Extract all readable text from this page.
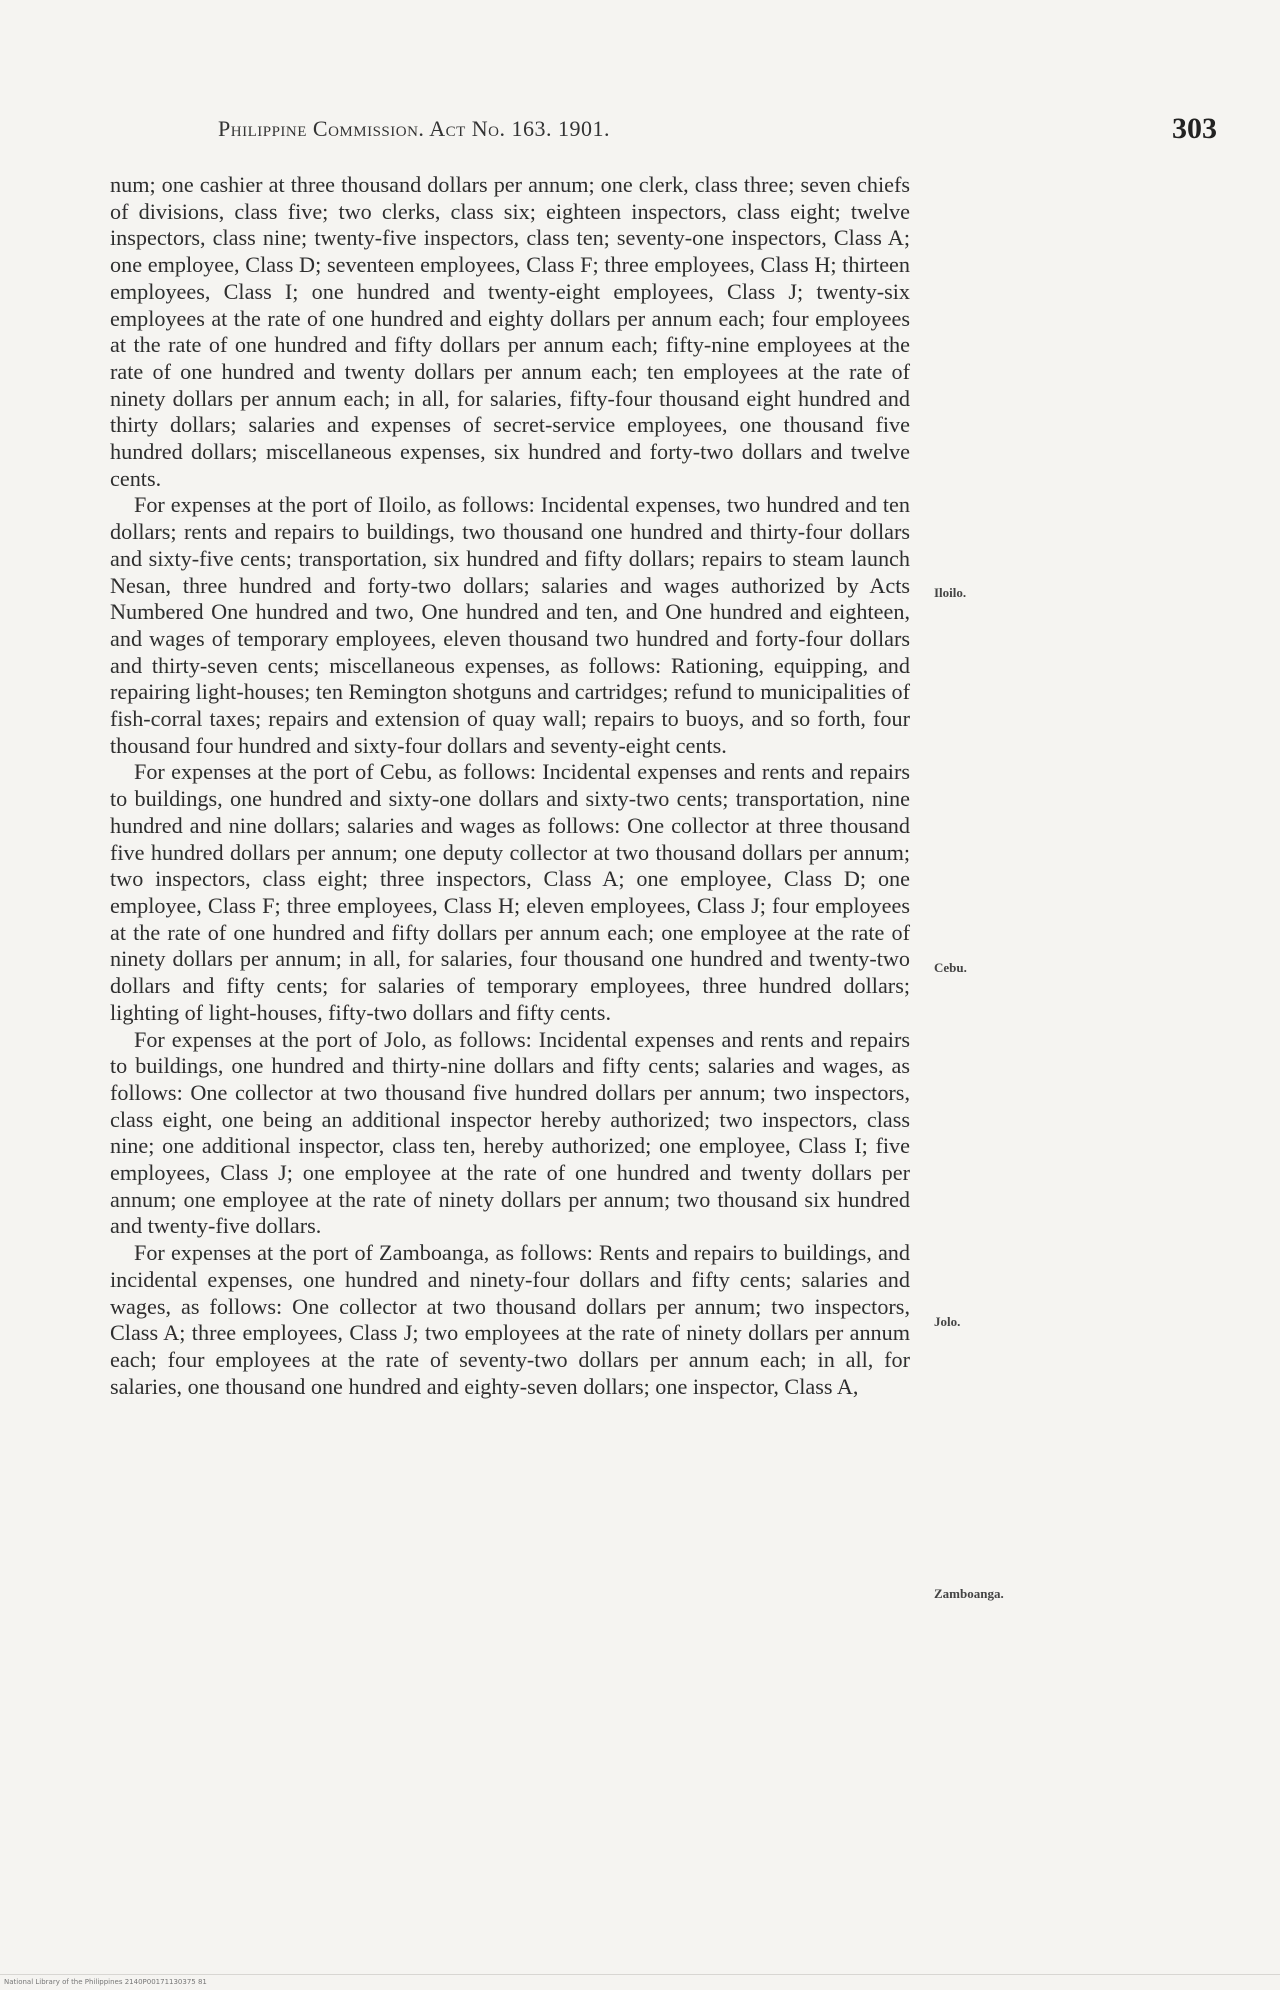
Philippine Commission. Act No. 163. 1901.	303

num; one cashier at three thousand dollars per annum; one clerk, class three; seven chiefs of divisions, class five; two clerks, class six; eighteen inspectors, class eight; twelve inspectors, class nine; twenty-five inspectors, class ten; seventy-one inspectors, Class A; one employee, Class D; seventeen employees, Class F; three employees, Class H; thirteen employees, Class I; one hundred and twenty-eight employees, Class J; twenty-six employees at the rate of one hundred and eighty dollars per annum each; four employees at the rate of one hundred and fifty dollars per annum each; fifty-nine employees at the rate of one hundred and twenty dollars per annum each; ten employees at the rate of ninety dollars per annum each; in all, for salaries, fifty-four thousand eight hundred and thirty dollars; salaries and expenses of secret-service employees, one thousand five hundred dollars; miscellaneous expenses, six hundred and forty-two dollars and twelve cents.

For expenses at the port of Iloilo, as follows: Incidental expenses, two hundred and ten dollars; rents and repairs to buildings, two thousand one hundred and thirty-four dollars and sixty-five cents; transportation, six hundred and fifty dollars; repairs to steam launch Nesan, three hundred and forty-two dollars; salaries and wages authorized by Acts Numbered One hundred and two, One hundred and ten, and One hundred and eighteen, and wages of temporary employees, eleven thousand two hundred and forty-four dollars and thirty-seven cents; miscellaneous expenses, as follows: Rationing, equipping, and repairing light-houses; ten Remington shotguns and cartridges; refund to municipalities of fish-corral taxes; repairs and extension of quay wall; repairs to buoys, and so forth, four thousand four hundred and sixty-four dollars and seventy-eight cents.

For expenses at the port of Cebu, as follows: Incidental expenses and rents and repairs to buildings, one hundred and sixty-one dollars and sixty-two cents; transportation, nine hundred and nine dollars; salaries and wages as follows: One collector at three thousand five hundred dollars per annum; one deputy collector at two thousand dollars per annum; two inspectors, class eight; three inspectors, Class A; one employee, Class D; one employee, Class F; three employees, Class H; eleven employees, Class J; four employees at the rate of one hundred and fifty dollars per annum each; one employee at the rate of ninety dollars per annum; in all, for salaries, four thousand one hundred and twenty-two dollars and fifty cents; for salaries of temporary employees, three hundred dollars; lighting of light-houses, fifty-two dollars and fifty cents.

For expenses at the port of Jolo, as follows: Incidental expenses and rents and repairs to buildings, one hundred and thirty-nine dollars and fifty cents; salaries and wages, as follows: One collector at two thousand five hundred dollars per annum; two inspectors, class eight, one being an additional inspector hereby authorized; two inspectors, class nine; one additional inspector, class ten, hereby authorized; one employee, Class I; five employees, Class J; one employee at the rate of one hundred and twenty dollars per annum; one employee at the rate of ninety dollars per annum; two thousand six hundred and twenty-five dollars.

For expenses at the port of Zamboanga, as follows: Rents and repairs to buildings, and incidental expenses, one hundred and ninety-four dollars and fifty cents; salaries and wages, as follows: One collector at two thousand dollars per annum; two inspectors, Class A; three employees, Class J; two employees at the rate of ninety dollars per annum each; four employees at the rate of seventy-two dollars per annum each; in all, for salaries, one thousand one hundred and eighty-seven dollars; one inspector, Class A,

Iloilo.
Cebu.
Jolo.
Zamboanga.
National Library of the Philippines 2140P00171130375 81
